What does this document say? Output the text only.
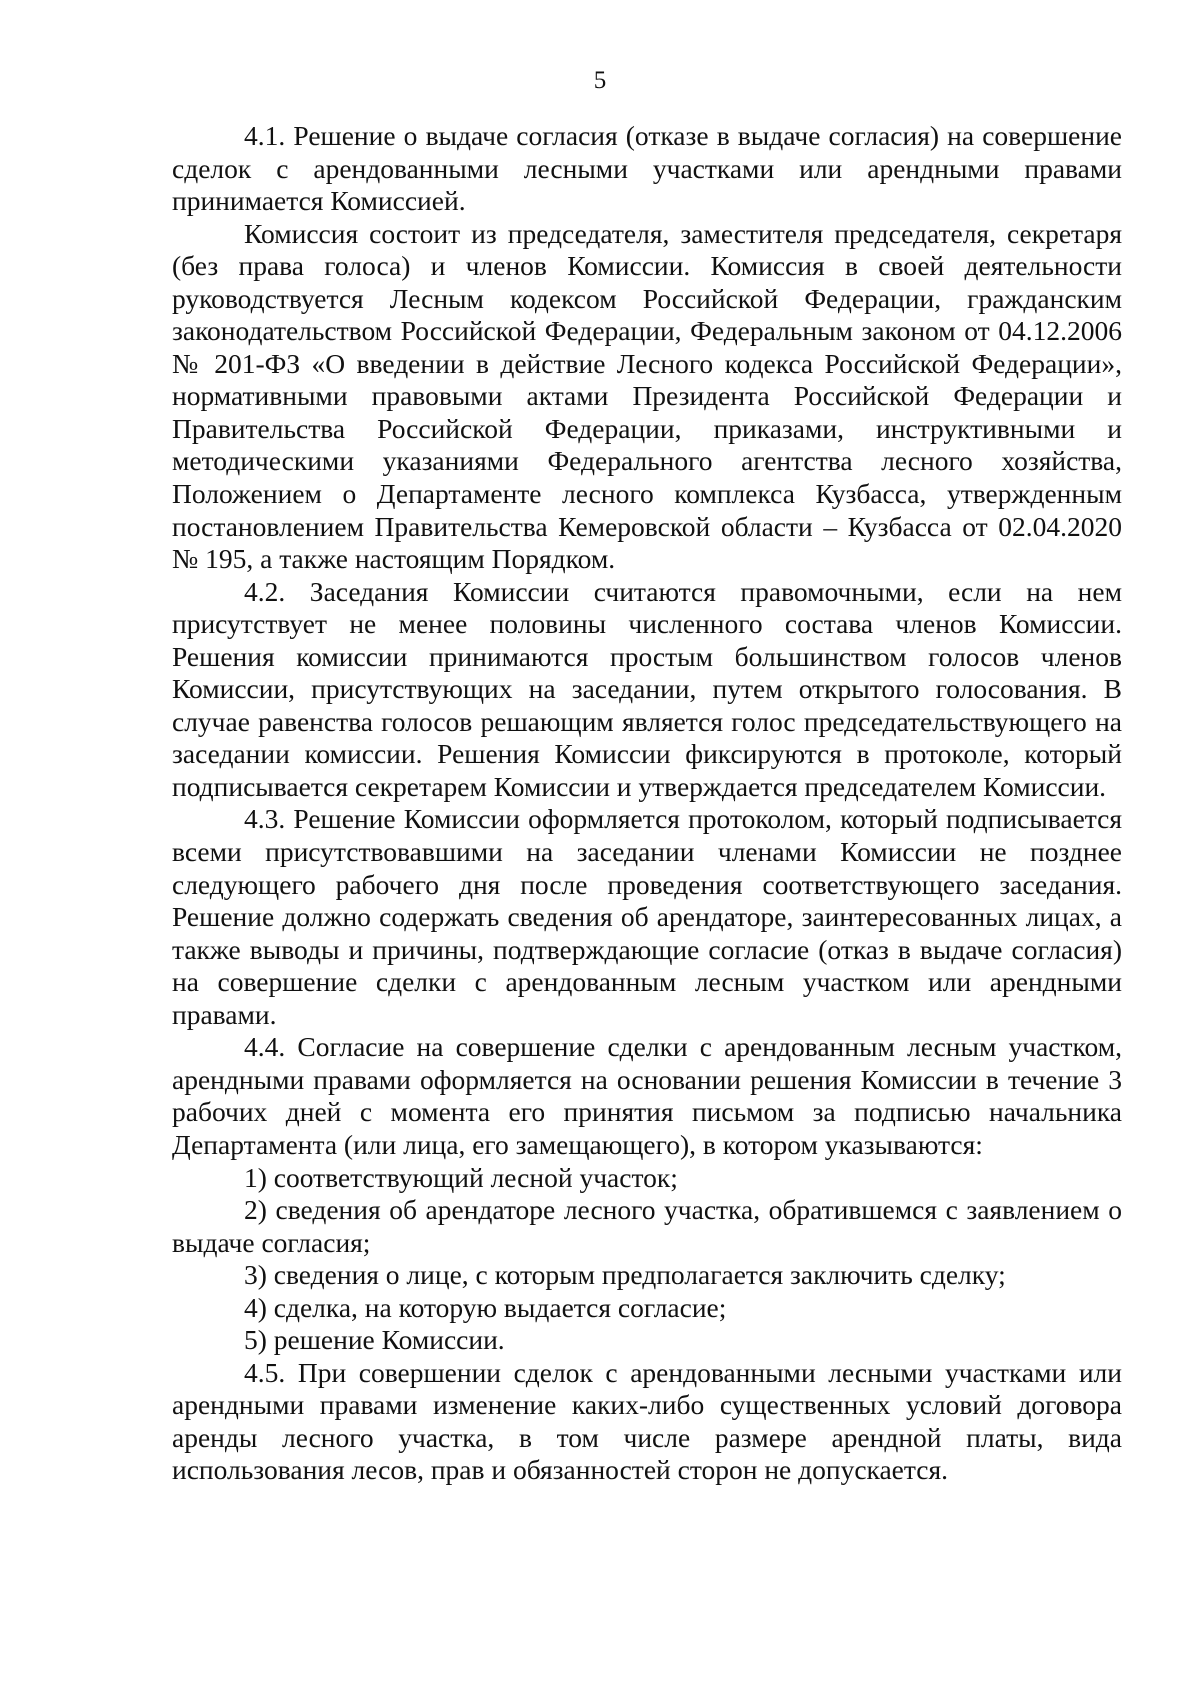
5

4.1. Решение о выдаче согласия (отказе в выдаче согласия) на совершение сделок с арендованными лесными участками или арендными правами принимается Комиссией.

Комиссия состоит из председателя, заместителя председателя, секретаря (без права голоса) и членов Комиссии. Комиссия в своей деятельности руководствуется Лесным кодексом Российской Федерации, гражданским законодательством Российской Федерации, Федеральным законом от 04.12.2006 № 201-ФЗ «О введении в действие Лесного кодекса Российской Федерации», нормативными правовыми актами Президента Российской Федерации и Правительства Российской Федерации, приказами, инструктивными и методическими указаниями Федерального агентства лесного хозяйства, Положением о Департаменте лесного комплекса Кузбасса, утвержденным постановлением Правительства Кемеровской области – Кузбасса от 02.04.2020 № 195, а также настоящим Порядком.

4.2. Заседания Комиссии считаются правомочными, если на нем присутствует не менее половины численного состава членов Комиссии. Решения комиссии принимаются простым большинством голосов членов Комиссии, присутствующих на заседании, путем открытого голосования. В случае равенства голосов решающим является голос председательствующего на заседании комиссии. Решения Комиссии фиксируются в протоколе, который подписывается секретарем Комиссии и утверждается председателем Комиссии.

4.3. Решение Комиссии оформляется протоколом, который подписывается всеми присутствовавшими на заседании членами Комиссии не позднее следующего рабочего дня после проведения соответствующего заседания. Решение должно содержать сведения об арендаторе, заинтересованных лицах, а также выводы и причины, подтверждающие согласие (отказ в выдаче согласия) на совершение сделки с арендованным лесным участком или арендными правами.

4.4. Согласие на совершение сделки с арендованным лесным участком, арендными правами оформляется на основании решения Комиссии в течение 3 рабочих дней с момента его принятия письмом за подписью начальника Департамента (или лица, его замещающего), в котором указываются:

1) соответствующий лесной участок;

2) сведения об арендаторе лесного участка, обратившемся с заявлением о выдаче согласия;

3) сведения о лице, с которым предполагается заключить сделку;

4) сделка, на которую выдается согласие;

5) решение Комиссии.

4.5. При совершении сделок с арендованными лесными участками или арендными правами изменение каких-либо существенных условий договора аренды лесного участка, в том числе размере арендной платы, вида использования лесов, прав и обязанностей сторон не допускается.
